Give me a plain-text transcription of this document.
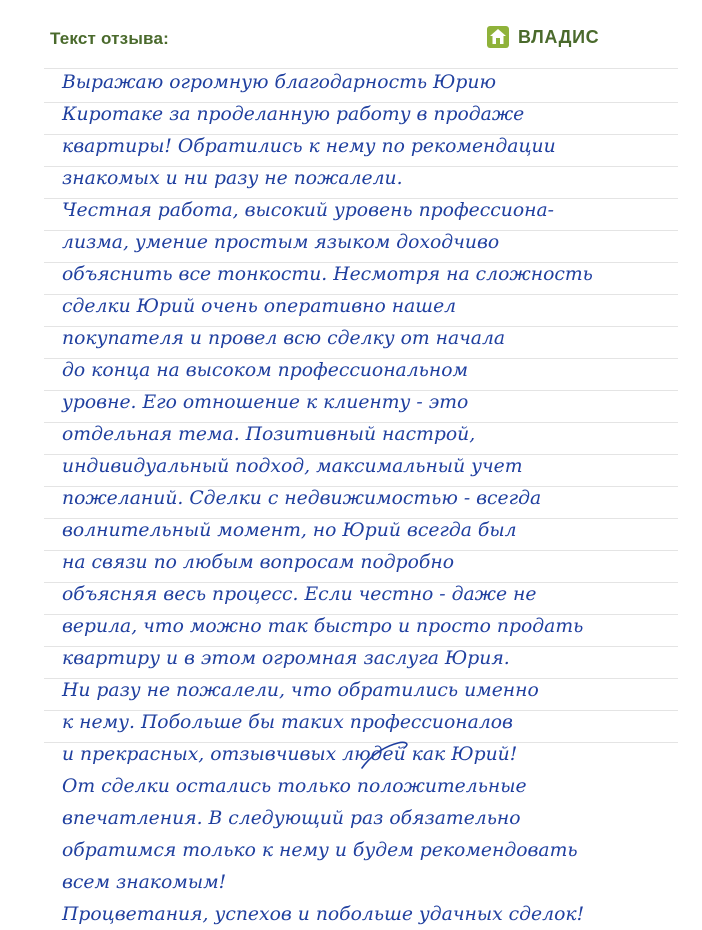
Текст отзыва:	ВЛАДИС
Выражаю огромную благодарность Юрию
Киротаке за проделанную работу в продаже
квартиры! Обратились к нему по рекомендации
знакомых и ни разу не пожалели.
Честная работа, высокий уровень профессиона-
лизма, умение простым языком доходчиво
объяснить все тонкости. Несмотря на сложность
сделки Юрий очень оперативно нашел
покупателя и провел всю сделку от начала
до конца на высоком профессиональном
уровне. Его отношение к клиенту - это
отдельная тема. Позитивный настрой,
индивидуальный подход, максимальный учет
пожеланий. Сделки с недвижимостью - всегда
волнительный момент, но Юрий всегда был
на связи по любым вопросам подробно
объясняя весь процесс. Если честно - даже не
верила, что можно так быстро и просто продать
квартиру и в этом огромная заслуга Юрия.
Ни разу не пожалели, что обратились именно
к нему. Побольше бы таких профессионалов
и прекрасных, отзывчивых людей как Юрий!
От сделки остались только положительные
впечатления. В следующий раз обязательно
обратимся только к нему и будем рекомендовать
всем знакомым!
Процветания, успехов и побольше удачных сделок!
